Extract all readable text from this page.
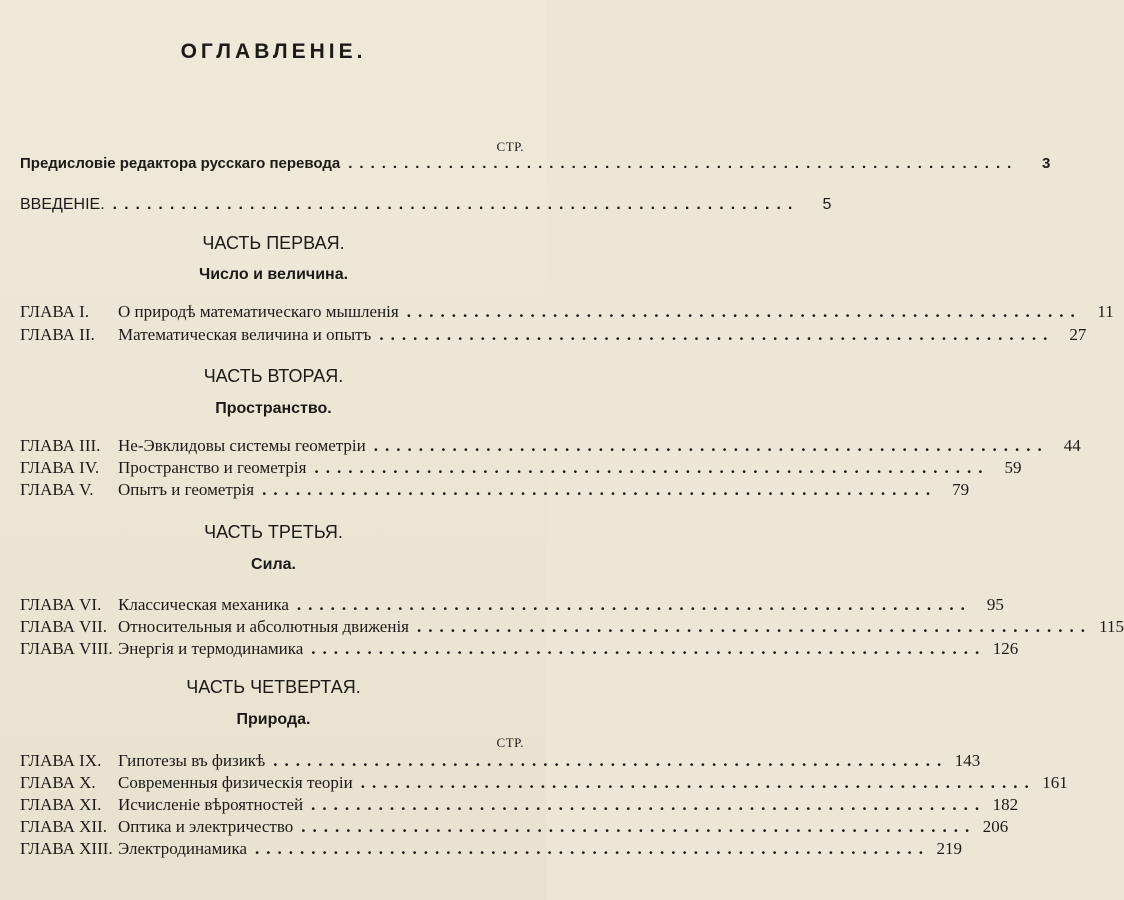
ОГЛАВЛЕНІЕ.
СТР.
Предисловіе редактора русскаго перевода ............................................................	3
ВВЕДЕНІЕ. ............................................................	5
ЧАСТЬ ПЕРВАЯ.
Число и величина.
ГЛАВА I. О природѣ математическаго мышленія ............................................................ 11
ГЛАВА II. Математическая величина и опытъ ............................................................ 27
ЧАСТЬ ВТОРАЯ.
Пространство.
ГЛАВА III. Не-Эвклидовы системы геометріи ............................................................ 44
ГЛАВА IV. Пространство и геометрія ............................................................ 59
ГЛАВА V. Опытъ и геометрія ............................................................ 79
ЧАСТЬ ТРЕТЬЯ.
Сила.
ГЛАВА VI. Классическая механика ............................................................ 95
ГЛАВА VII. Относительныя и абсолютныя движенія ............................................................ 115
ГЛАВА VIII. Энергія и термодинамика ............................................................ 126
ЧАСТЬ ЧЕТВЕРТАЯ.
Природа.
СТР.
ГЛАВА IX. Гипотезы въ физикѣ ............................................................ 143
ГЛАВА X. Современныя физическія теоріи ............................................................ 161
ГЛАВА XI. Исчисленіе вѣроятностей ............................................................ 182
ГЛАВА XII. Оптика и электричество ............................................................ 206
ГЛАВА XIII. Электродинамика ............................................................ 219
